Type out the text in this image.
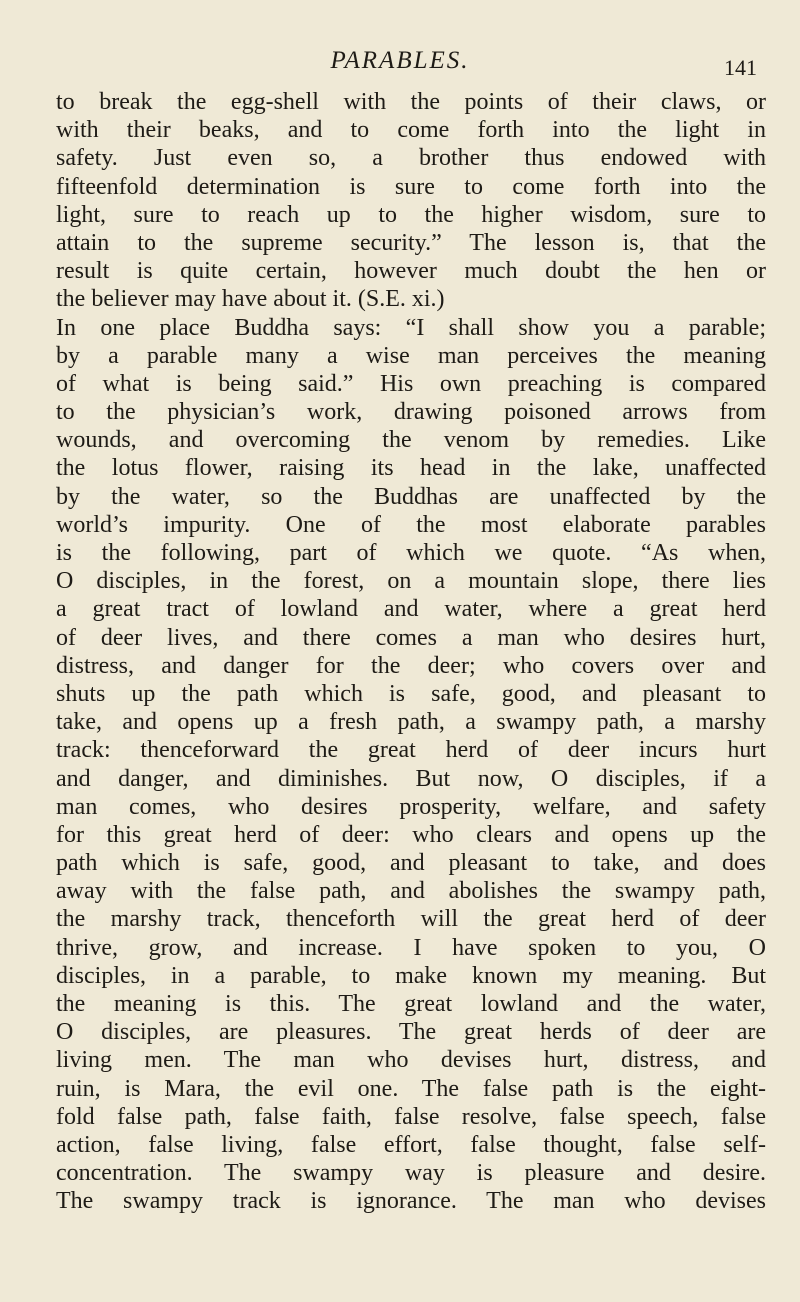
PARABLES.	141
to break the egg-shell with the points of their claws, or
with their beaks, and to come forth into the light in
safety. Just even so, a brother thus endowed with
fifteenfold determination is sure to come forth into the
light, sure to reach up to the higher wisdom, sure to
attain to the supreme security.” The lesson is, that the
result is quite certain, however much doubt the hen or
the believer may have about it. (S.E. xi.)
In one place Buddha says: “I shall show you a parable;
by a parable many a wise man perceives the meaning
of what is being said.” His own preaching is compared
to the physician’s work, drawing poisoned arrows from
wounds, and overcoming the venom by remedies. Like
the lotus flower, raising its head in the lake, unaffected
by the water, so the Buddhas are unaffected by the
world’s impurity. One of the most elaborate parables
is the following, part of which we quote. “As when,
O disciples, in the forest, on a mountain slope, there lies
a great tract of lowland and water, where a great herd
of deer lives, and there comes a man who desires hurt,
distress, and danger for the deer; who covers over and
shuts up the path which is safe, good, and pleasant to
take, and opens up a fresh path, a swampy path, a marshy
track: thenceforward the great herd of deer incurs hurt
and danger, and diminishes. But now, O disciples, if a
man comes, who desires prosperity, welfare, and safety
for this great herd of deer: who clears and opens up the
path which is safe, good, and pleasant to take, and does
away with the false path, and abolishes the swampy path,
the marshy track, thenceforth will the great herd of deer
thrive, grow, and increase. I have spoken to you, O
disciples, in a parable, to make known my meaning. But
the meaning is this. The great lowland and the water,
O disciples, are pleasures. The great herds of deer are
living men. The man who devises hurt, distress, and
ruin, is Mara, the evil one. The false path is the eight-
fold false path, false faith, false resolve, false speech, false
action, false living, false effort, false thought, false self-
concentration. The swampy way is pleasure and desire.
The swampy track is ignorance. The man who devises
